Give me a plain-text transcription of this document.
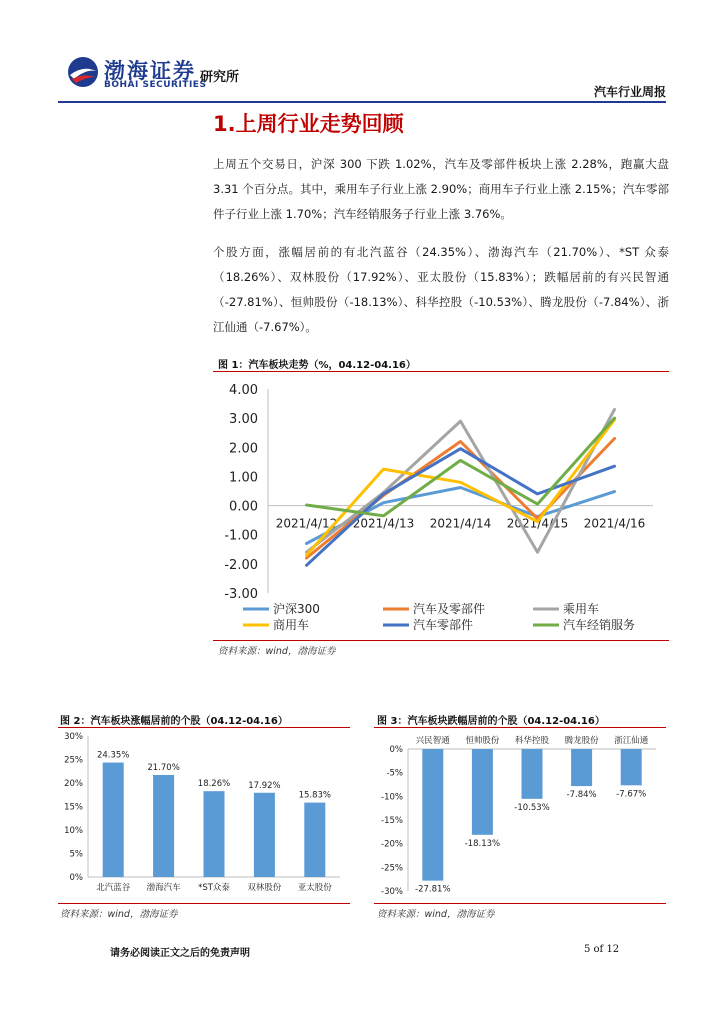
渤海证券
BOHAI SECURITIES
研究所
汽车行业周报
1.上周行业走势回顾
上周五个交易日，沪深 300 下跌 1.02%，汽车及零部件板块上涨 2.28%，跑赢大盘 3.31 个百分点。其中，乘用车子行业上涨 2.90%；商用车子行业上涨 2.15%；汽车零部件子行业上涨 1.70%；汽车经销服务子行业上涨 3.76%。
个股方面，涨幅居前的有北汽蓝谷（24.35%）、渤海汽车（21.70%）、*ST 众泰（18.26%）、双林股份（17.92%）、亚太股份（15.83%）；跌幅居前的有兴民智通（-27.81%）、恒帅股份（-18.13%）、科华控股（-10.53%）、腾龙股份（-7.84%）、浙江仙通（-7.67%）。
图 1：汽车板块走势（%，04.12-04.16）
4.00
3.00
2.00
1.00
0.00
-1.00
-2.00
-3.00
2021/4/12 2021/4/13 2021/4/14 2021/4/15 2021/4/16
沪深300	汽车及零部件	乘用车
商用车	汽车零部件	汽车经销服务
资料来源：wind，渤海证券
图 2：汽车板块涨幅居前的个股（04.12-04.16）
30%
25%
20%
15%
10%
5%
0%
24.35%
北汽蓝谷
21.70%
渤海汽车
18.26%
*ST众泰
17.92%
双林股份
15.83%
亚太股份
资料来源：wind，渤海证券
图 3：汽车板块跌幅居前的个股（04.12-04.16）
0%
-5%
-10%
-15%
-20%
-25%
-30% -27.81%
兴民智通
-18.13%
恒帅股份
-10.53%
科华控股
-7.84%
腾龙股份
-7.67%
浙江仙通
资料来源：wind，渤海证券
请务必阅读正文之后的免责声明	5 of 12
